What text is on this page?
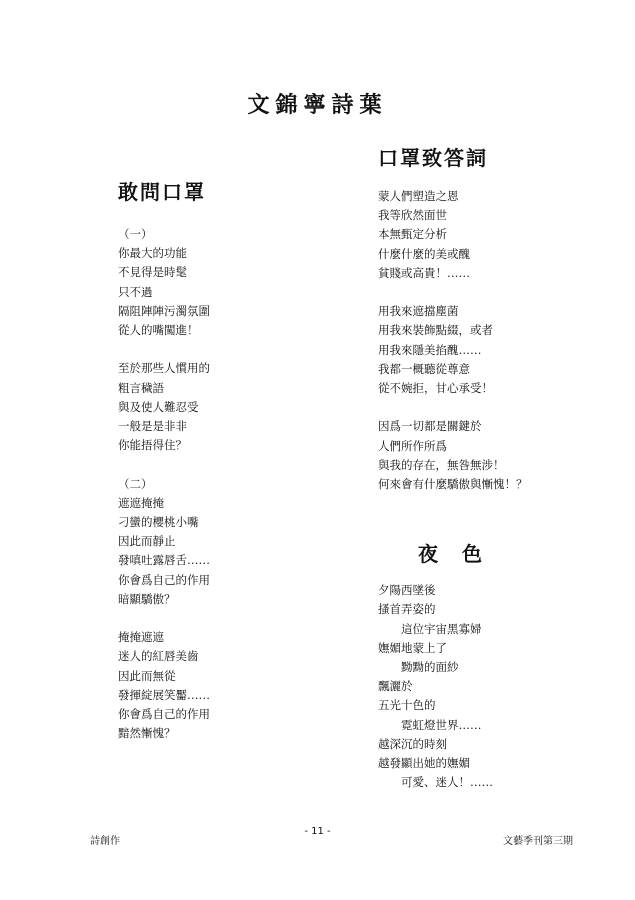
文錦寧詩葉
敢問口罩
（一）
你最大的功能
不見得是時髦
只不過
隔阻陣陣污濁氛圍
從人的嘴闖進！
至於那些人慣用的
粗言穢語
與及使人難忍受
一般是是非非
你能捂得住？
（二）
遮遮掩掩
刁蠻的櫻桃小嘴
因此而靜止
發嗔吐露唇舌……
你會爲自己的作用
暗顯驕傲？
掩掩遮遮
迷人的紅唇美齒
因此而無從
發揮綻展笑靨……
你會爲自己的作用
黯然慚愧？
口罩致答詞
蒙人們塑造之恩
我等欣然面世
本無甄定分析
什麼什麼的美或醜
貧賤或高貴！……
用我來遮擋塵菌
用我來裝飾點綴，或者
用我來隱美掐醜……
我都一概聽從尊意
從不婉拒，甘心承受！
因爲一切都是關鍵於
人們所作所爲
與我的存在，無咎無涉！
何來會有什麼驕傲與慚愧！？
夜　色
夕陽西墜後
搔首弄姿的
　　這位宇宙黑寡婦
嫵媚地蒙上了
　　黝黝的面紗
飄灑於
五光十色的
　　霓虹燈世界……
越深沉的時刻
越發顯出她的嫵媚
　　可愛、迷人！……
詩創作
- 11 -
文藝季刊第三期
